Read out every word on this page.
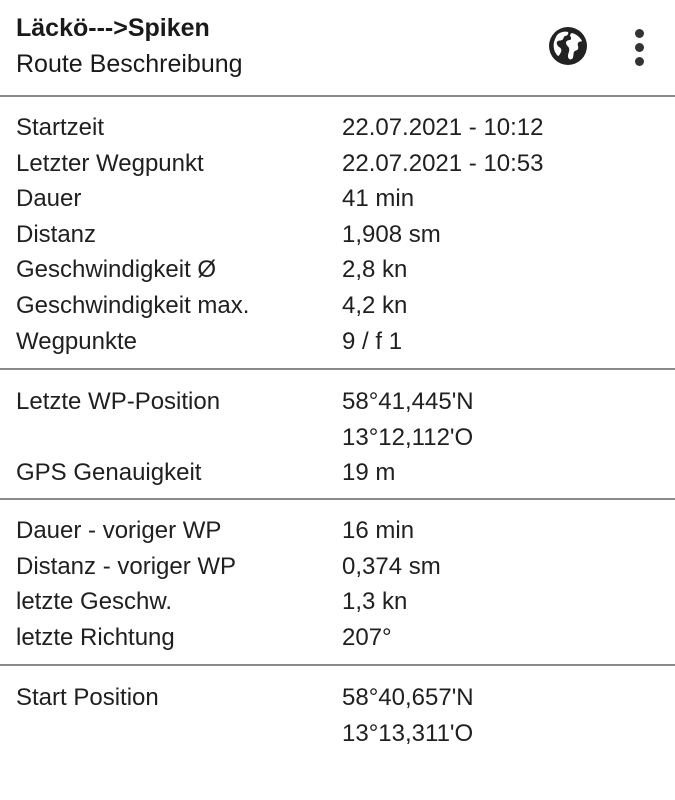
Läckö--->Spiken
Route Beschreibung
Startzeit	22.07.2021 - 10:12
Letzter Wegpunkt	22.07.2021 - 10:53
Dauer	41 min
Distanz	1,908 sm
Geschwindigkeit Ø	2,8 kn
Geschwindigkeit max.	4,2 kn
Wegpunkte	9 / f 1
Letzte WP-Position	58°41,445'N
13°12,112'O
GPS Genauigkeit	19 m
Dauer - voriger WP	16 min
Distanz - voriger WP	0,374 sm
letzte Geschw.	1,3 kn
letzte Richtung	207°
Start Position	58°40,657'N
13°13,311'O
